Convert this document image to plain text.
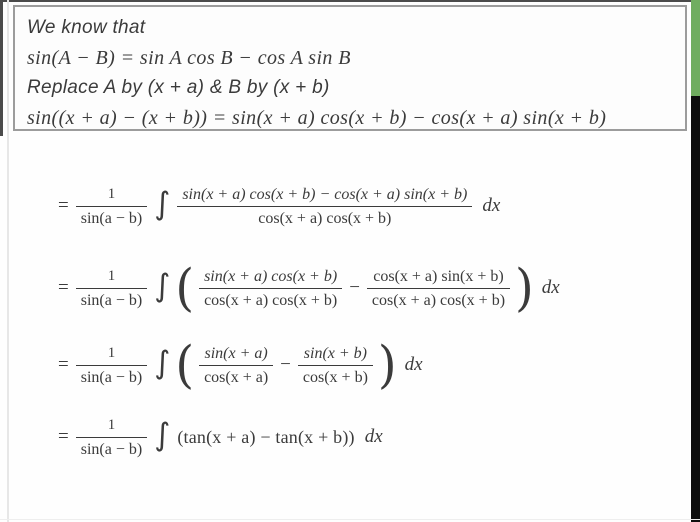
We know that
sin(A − B) = sin A cos B − cos A sin B
Replace A by (x + a) & B by (x + b)
sin((x + a) − (x + b)) = sin(x + a) cos(x + b) − cos(x + a) sin(x + b)
= $\frac{1}{\sin(a - b)}$ ∫ $\frac{\sin(x + a) \cos(x + b) - \cos(x + a) \sin(x + b)}{\cos(x + a) \cos(x + b)}$ dx
= $\frac{1}{\sin(a - b)}$ ∫ ( $\frac{\sin(x + a) \cos(x + b)}{\cos(x + a) \cos(x + b)} - \frac{\cos(x + a) \sin(x + b)}{\cos(x + a) \cos(x + b)}$ ) dx
= $\frac{1}{\sin(a - b)}$ ∫ ( $\frac{\sin(x + a)}{\cos(x + a)} - \frac{\sin(x + b)}{\cos(x + b)}$ ) dx
= $\frac{1}{\sin(a - b)}$ ∫ (tan(x + a) − tan(x + b)) dx
